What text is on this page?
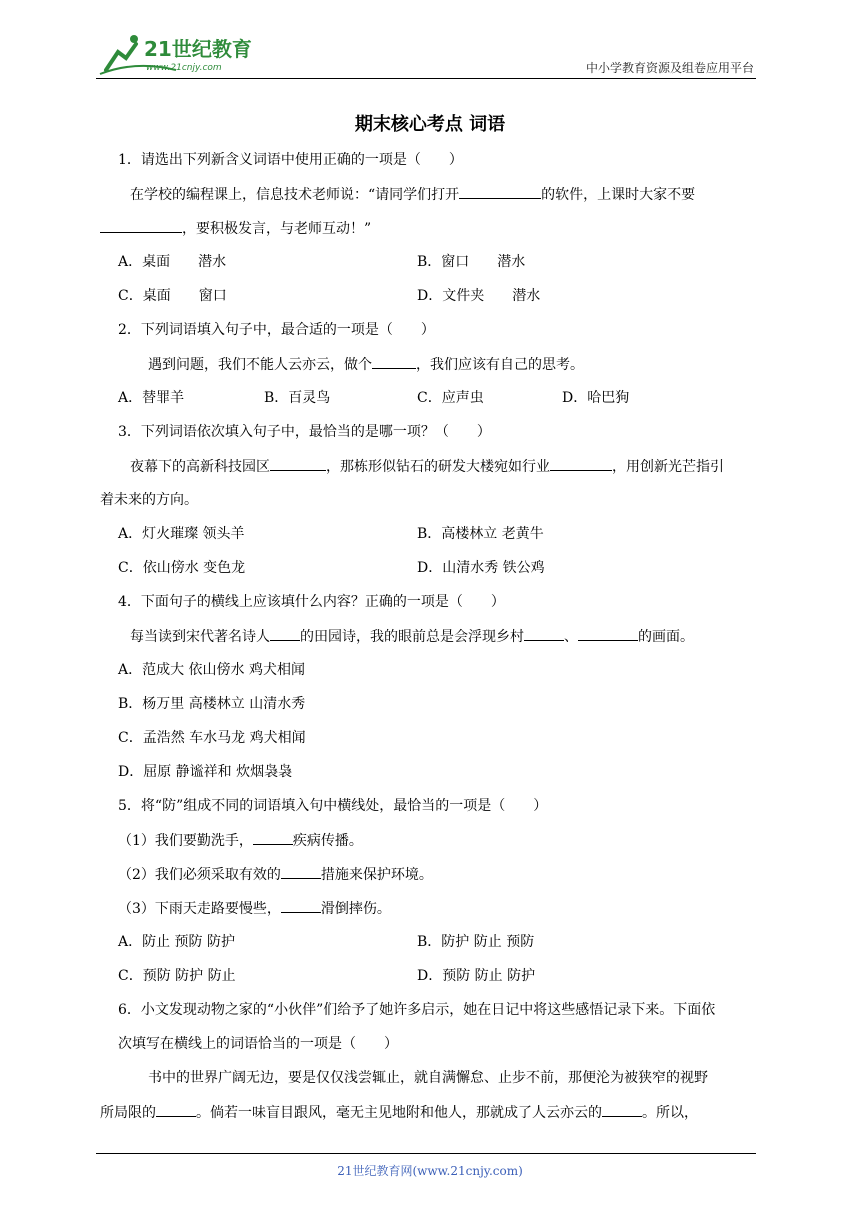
21世纪教育
www.21cnjy.com	中小学教育资源及组卷应用平台
期末核心考点 词语
1．请选出下列新含义词语中使用正确的一项是（　　）
在学校的编程课上，信息技术老师说：“请同学们打开	的软件，上课时大家不要
，要积极发言，与老师互动！”
A．桌面　　潜水	B．窗口　　潜水
C．桌面　　窗口	D．文件夹　　潜水
2．下列词语填入句子中，最合适的一项是（　　）
遇到问题，我们不能人云亦云，做个	，我们应该有自己的思考。
A．替罪羊	B．百灵鸟	C．应声虫	D．哈巴狗
3．下列词语依次填入句子中，最恰当的是哪一项？（　　）
夜幕下的高新科技园区	，那栋形似钻石的研发大楼宛如行业	，用创新光芒指引
着未来的方向。
A．灯火璀璨 领头羊	B．高楼林立 老黄牛
C．依山傍水 变色龙	D．山清水秀 铁公鸡
4．下面句子的横线上应该填什么内容？正确的一项是（　　）
每当读到宋代著名诗人 的田园诗，我的眼前总是会浮现乡村	、	的画面。
A．范成大 依山傍水 鸡犬相闻
B．杨万里 高楼林立 山清水秀
C．孟浩然 车水马龙 鸡犬相闻
D．屈原 静谧祥和 炊烟袅袅
5．将“防”组成不同的词语填入句中横线处，最恰当的一项是（　　）
（1）我们要勤洗手，	疾病传播。
（2）我们必须采取有效的	措施来保护环境。
（3）下雨天走路要慢些，	滑倒摔伤。
A．防止 预防 防护	B．防护 防止 预防
C．预防 防护 防止	D．预防 防止 防护
6．小文发现动物之家的“小伙伴”们给予了她许多启示，她在日记中将这些感悟记录下来。下面依
次填写在横线上的词语恰当的一项是（　　）
书中的世界广阔无边，要是仅仅浅尝辄止，就自满懈怠、止步不前，那便沦为被狭窄的视野
所局限的	。倘若一味盲目跟风，毫无主见地附和他人，那就成了人云亦云的	。所以，
21世纪教育网(www.21cnjy.com)
